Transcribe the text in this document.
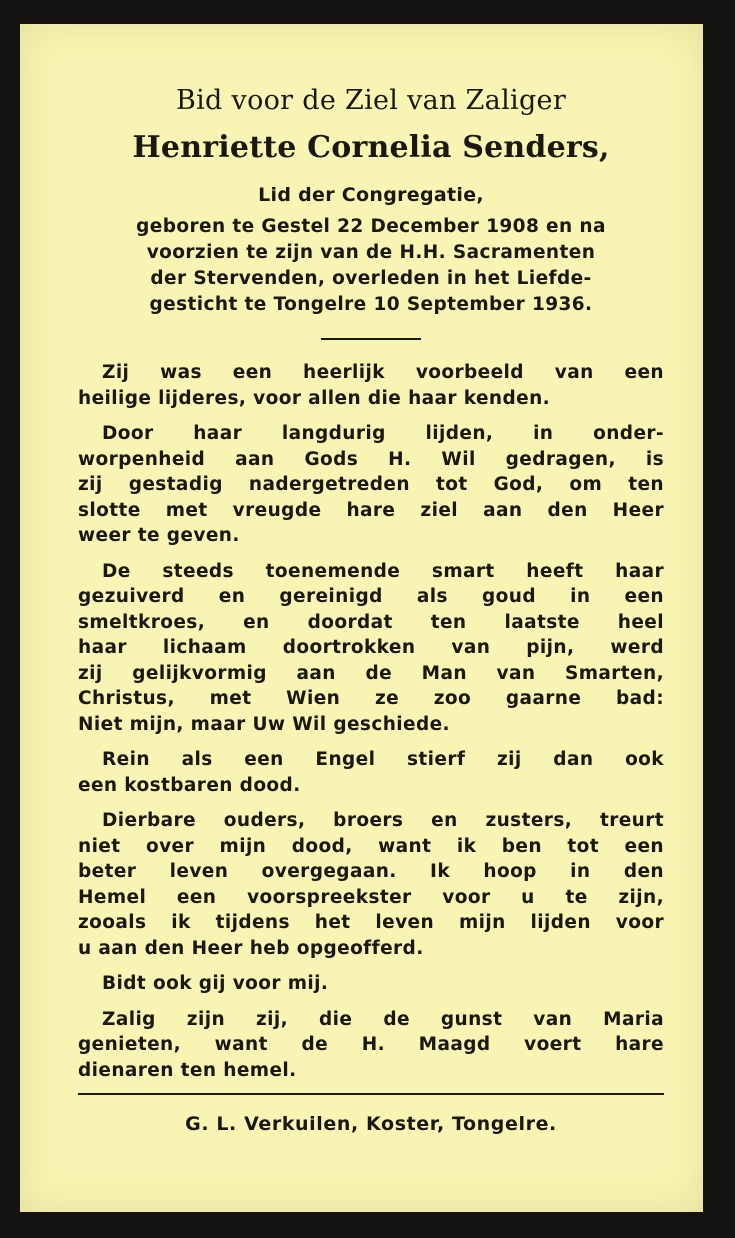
Bid voor de Ziel van Zaliger
Henriette Cornelia Senders,
Lid der Congregatie,
geboren te Gestel 22 December 1908 en na
voorzien te zijn van de H.H. Sacramenten
der Stervenden, overleden in het Liefde-
gesticht te Tongelre 10 September 1936.
Zij was een heerlijk voorbeeld van een
heilige lijderes, voor allen die haar kenden.
Door haar langdurig lijden, in onder-
worpenheid aan Gods H. Wil gedragen, is
zij gestadig nadergetreden tot God, om ten
slotte met vreugde hare ziel aan den Heer
weer te geven.
De steeds toenemende smart heeft haar
gezuiverd en gereinigd als goud in een
smeltkroes, en doordat ten laatste heel
haar lichaam doortrokken van pijn, werd
zij gelijkvormig aan de Man van Smarten,
Christus, met Wien ze zoo gaarne bad:
Niet mijn, maar Uw Wil geschiede.
Rein als een Engel stierf zij dan ook
een kostbaren dood.
Dierbare ouders, broers en zusters, treurt
niet over mijn dood, want ik ben tot een
beter leven overgegaan. Ik hoop in den
Hemel een voorspreekster voor u te zijn,
zooals ik tijdens het leven mijn lijden voor
u aan den Heer heb opgeofferd.
Bidt ook gij voor mij.
Zalig zijn zij, die de gunst van Maria
genieten, want de H. Maagd voert hare
dienaren ten hemel.
G. L. Verkuilen, Koster, Tongelre.
